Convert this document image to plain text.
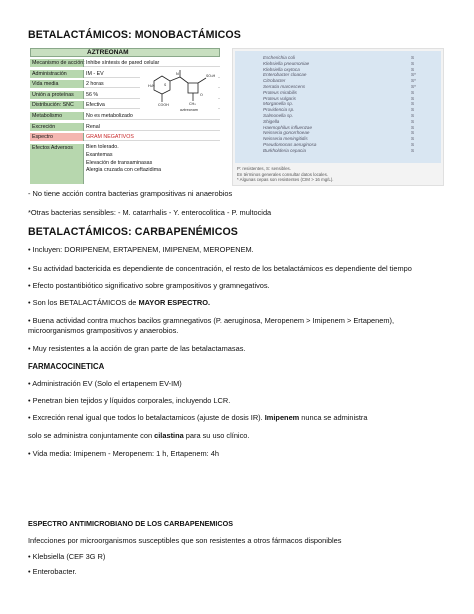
BETALACTÁMICOS: MONOBACTÁMICOS
AZTREONAM
Mecanismo de acción: Inhibe síntesis de pared celular
Administración	IM - EV
Vida media	2 horas
Unión a proteínas	56 %
Distribución: SNC	Efectiva
Metabolismo	No es metabolizado
Excreción	Renal
Espectro	GRAM NEGATIVOS
Efectos Adversos	Bien tolerado.
Exantemas
Elevación de transaminasas
Alergia cruzada con ceftazidima
H₂N	S
N
O
SO₃H
CH₃
COOH
aztreonam
Escherichia coli	S
Klebsiella pneumoniae	S
Klebsiella oxytoca	S
Enterobacter cloacae	S*
Citrobacter	S*
Serratia marcescens	S*
Proteus mirabilis	S
Proteus vulgaris	S
Morganella sp.	S
Providencia sp.	S
Salmonella sp.	S
Shigella	S
Haemophilus influenzae	S
Neisseria gonorrhoeae	S
Neisseria meningitidis	S
Pseudomonas aeruginosa	S
Burkholderia cepacia	S
P: resistentes, S: sensibles.
En términos generales consultar datos locales.
* Algunas cepas son resistentes (CIM > 16 mg/L).
- No tiene acción contra bacterias grampositivas ni anaerobios
*Otras bacterias sensibles: - M. catarrhalis - Y. enterocolitica - P. multocida
BETALACTÁMICOS: CARBAPENÉMICOS
• Incluyen: DORIPENEM, ERTAPENEM, IMIPENEM, MEROPENEM.
• Su actividad bactericida es dependiente de concentración, el resto de los betalactámicos es dependiente del tiempo
• Efecto postantibiótico significativo sobre grampositivos y gramnegativos.
• Son los BETALACTÁMICOS de MAYOR ESPECTRO.
• Buena actividad contra muchos bacilos gramnegativos (P. aeruginosa, Meropenem > Imipenem > Ertapenem),
microorganismos grampositivos y anaerobios.
• Muy resistentes a la acción de gran parte de las betalactamasas.
FARMACOCINETICA
• Administración EV (Solo el ertapenem EV-IM)
• Penetran bien tejidos y líquidos corporales, incluyendo LCR.
• Excreción renal igual que todos lo betalactamicos (ajuste de dosis IR). Imipenem nunca se administra
solo se administra conjuntamente con cilastina para su uso clínico.
• Vida media: Imipenem - Meropenem: 1 h, Ertapenem: 4h
ESPECTRO ANTIMICROBIANO DE LOS CARBAPENEMICOS
Infecciones por microorganismos susceptibles que son resistentes a otros fármacos disponibles
• Klebsiella (CEF 3G R)
• Enterobacter.
